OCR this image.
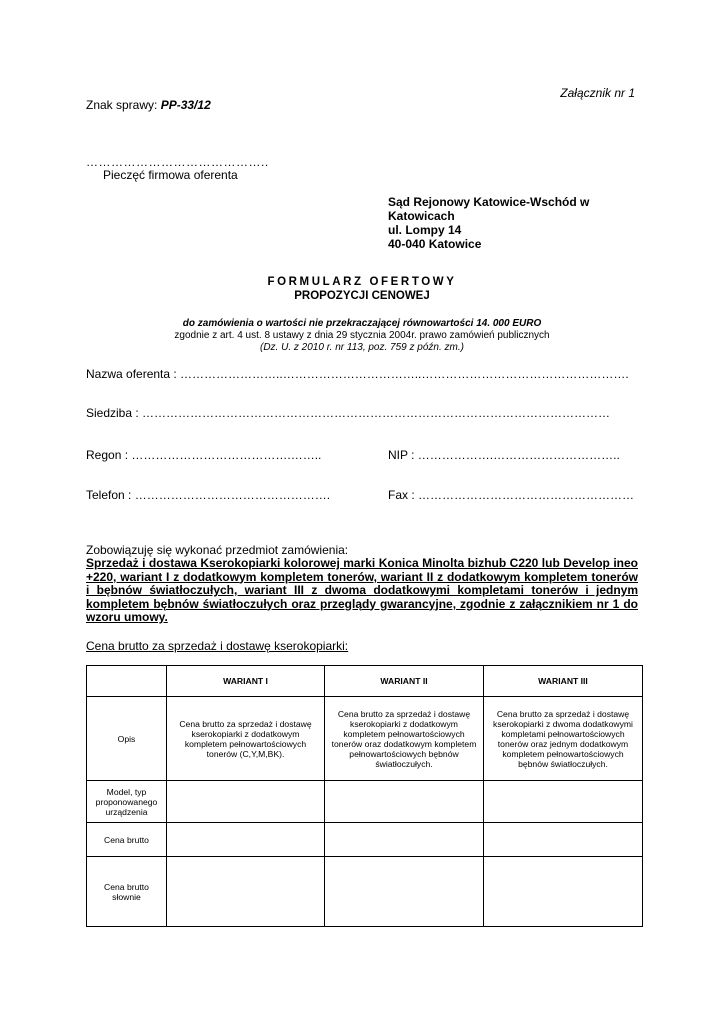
Załącznik nr 1
Znak sprawy: PP-33/12
……………………………………..
Pieczęć firmowa oferenta
Sąd Rejonowy Katowice-Wschód w
Katowicach
ul. Lompy 14
40-040 Katowice
FORMULARZ OFERTOWY
PROPOZYCJI CENOWEJ
do zamówienia o wartości nie przekraczającej równowartości 14. 000 EURO
zgodnie z art. 4 ust. 8 ustawy z dnia 29 stycznia 2004r. prawo zamówień publicznych
(Dz. U. z 2010 r. nr 113, poz. 759 z późn. zm.)
Nazwa oferenta : ……………………..……………………………..…………………………………………….
Siedziba : ………………………………………………………………………………………………………
Regon : ………………………………….……..	NIP : ……………….…………………………..
Telefon : ………………………………………….	Fax : ………………………………………………
Zobowiązuję się wykonać przedmiot zamówienia:
Sprzedaż i dostawa Kserokopiarki kolorowej marki Konica Minolta bizhub C220 lub Develop ineo +220, wariant I z dodatkowym kompletem tonerów, wariant II z dodatkowym kompletem tonerów i bębnów światłoczułych, wariant III z dwoma dodatkowymi kompletami tonerów i jednym kompletem bębnów światłoczułych oraz przeglądy gwarancyjne, zgodnie z załącznikiem nr 1 do wzoru umowy.
Cena brutto za sprzedaż i dostawę kserokopiarki:
	WARIANT I	WARIANT II	WARIANT III
Opis	Cena brutto za sprzedaż i dostawę kserokopiarki z dodatkowym kompletem pełnowartościowych tonerów (C,Y,M,BK).	Cena brutto za sprzedaż i dostawę kserokopiarki z dodatkowym kompletem pełnowartościowych tonerów oraz dodatkowym kompletem pełnowartościowych bębnów światłoczułych.	Cena brutto za sprzedaż i dostawę kserokopiarki z dwoma dodatkowymi kompletami pełnowartościowych tonerów oraz jednym dodatkowym kompletem pełnowartościowych bębnów światłoczułych.
Model, typ proponowanego urządzenia			
Cena brutto			
Cena brutto słownie			
